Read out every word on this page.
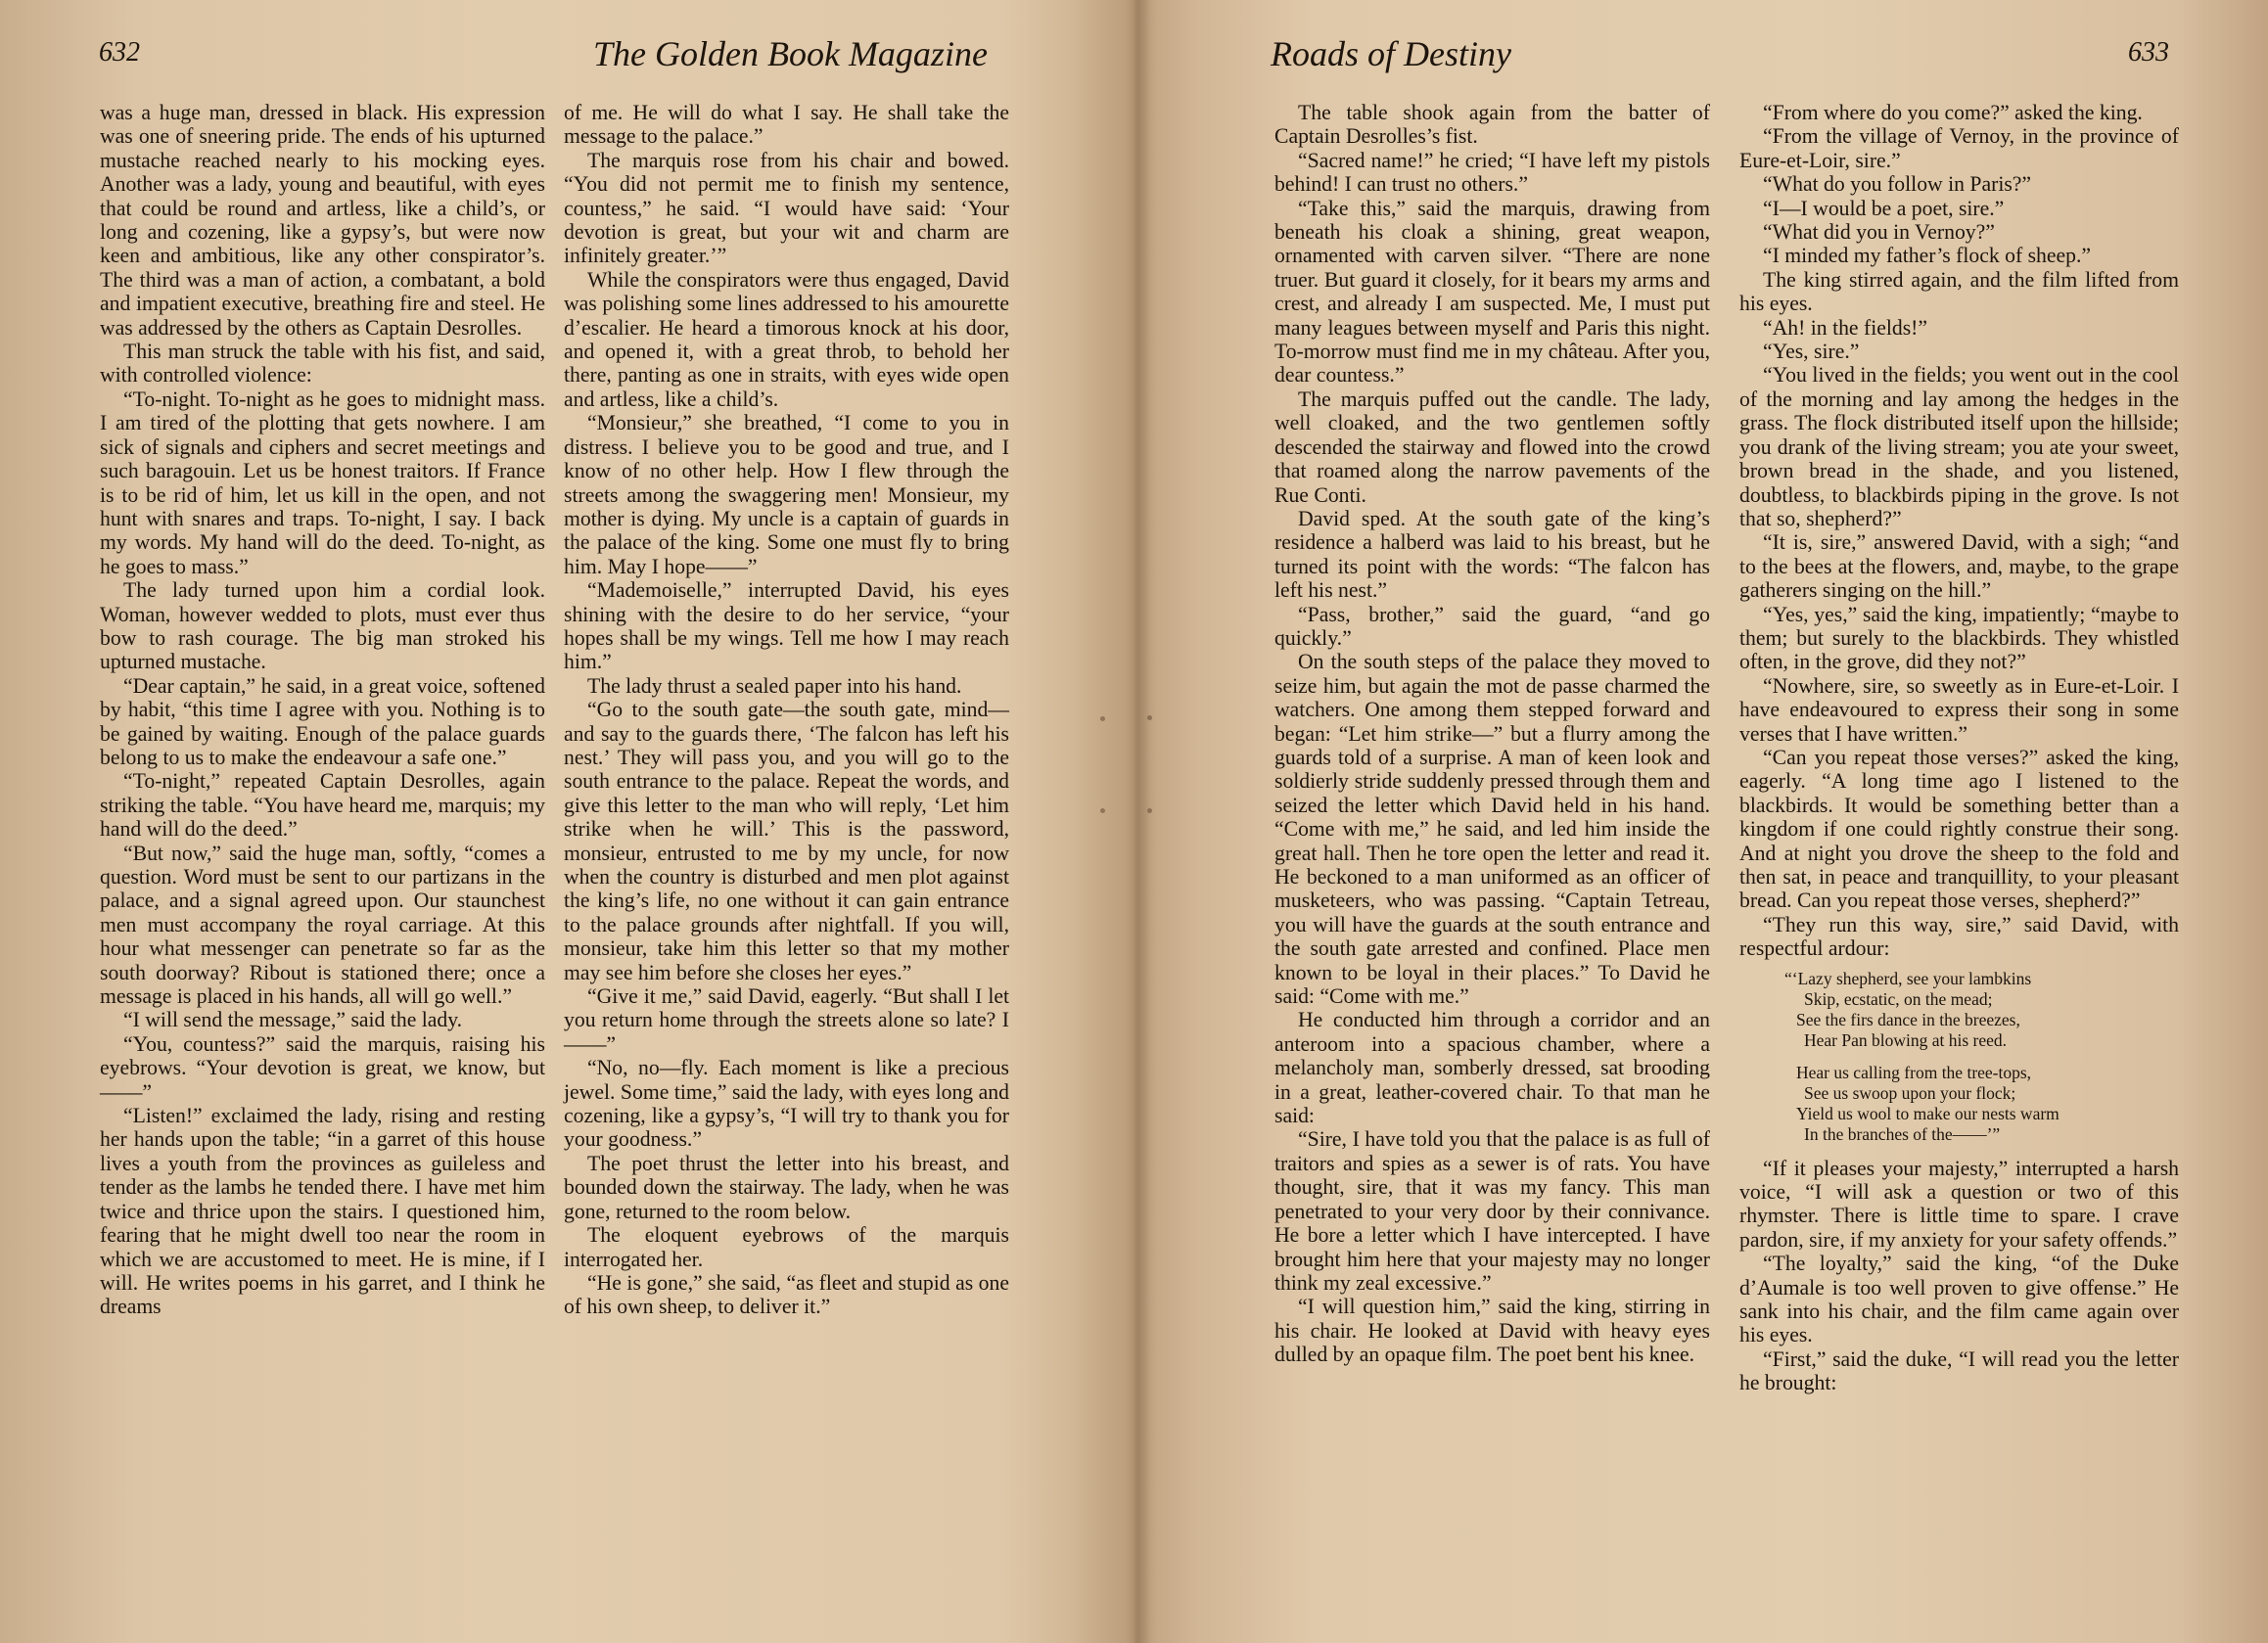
632	The Golden Book Magazine

was a huge man, dressed in black. His expression was one of sneering pride. The ends of his upturned mustache reached nearly to his mocking eyes. Another was a lady, young and beautiful, with eyes that could be round and artless, like a child’s, or long and cozening, like a gypsy’s, but were now keen and ambitious, like any other conspirator’s. The third was a man of action, a combatant, a bold and impatient executive, breathing fire and steel. He was addressed by the others as Captain Desrolles.

This man struck the table with his fist, and said, with controlled violence:

“To-night. To-night as he goes to midnight mass. I am tired of the plotting that gets nowhere. I am sick of signals and ciphers and secret meetings and such baragouin. Let us be honest traitors. If France is to be rid of him, let us kill in the open, and not hunt with snares and traps. To-night, I say. I back my words. My hand will do the deed. To-night, as he goes to mass.”

The lady turned upon him a cordial look. Woman, however wedded to plots, must ever thus bow to rash courage. The big man stroked his upturned mustache.

“Dear captain,” he said, in a great voice, softened by habit, “this time I agree with you. Nothing is to be gained by waiting. Enough of the palace guards belong to us to make the endeavour a safe one.”

“To-night,” repeated Captain Desrolles, again striking the table. “You have heard me, marquis; my hand will do the deed.”

“But now,” said the huge man, softly, “comes a question. Word must be sent to our partizans in the palace, and a signal agreed upon. Our staunchest men must accompany the royal carriage. At this hour what messenger can penetrate so far as the south doorway? Ribout is stationed there; once a message is placed in his hands, all will go well.”

“I will send the message,” said the lady.

“You, countess?” said the marquis, raising his eyebrows. “Your devotion is great, we know, but——”

“Listen!” exclaimed the lady, rising and resting her hands upon the table; “in a garret of this house lives a youth from the provinces as guileless and tender as the lambs he tended there. I have met him twice and thrice upon the stairs. I questioned him, fearing that he might dwell too near the room in which we are accustomed to meet. He is mine, if I will. He writes poems in his garret, and I think he dreams

of me. He will do what I say. He shall take the message to the palace.”

The marquis rose from his chair and bowed. “You did not permit me to finish my sentence, countess,” he said. “I would have said: ‘Your devotion is great, but your wit and charm are infinitely greater.’”

While the conspirators were thus engaged, David was polishing some lines addressed to his amourette d’escalier. He heard a timorous knock at his door, and opened it, with a great throb, to behold her there, panting as one in straits, with eyes wide open and artless, like a child’s.

“Monsieur,” she breathed, “I come to you in distress. I believe you to be good and true, and I know of no other help. How I flew through the streets among the swaggering men! Monsieur, my mother is dying. My uncle is a captain of guards in the palace of the king. Some one must fly to bring him. May I hope——”

“Mademoiselle,” interrupted David, his eyes shining with the desire to do her service, “your hopes shall be my wings. Tell me how I may reach him.”

The lady thrust a sealed paper into his hand.

“Go to the south gate—the south gate, mind—and say to the guards there, ‘The falcon has left his nest.’ They will pass you, and you will go to the south entrance to the palace. Repeat the words, and give this letter to the man who will reply, ‘Let him strike when he will.’ This is the password, monsieur, entrusted to me by my uncle, for now when the country is disturbed and men plot against the king’s life, no one without it can gain entrance to the palace grounds after nightfall. If you will, monsieur, take him this letter so that my mother may see him before she closes her eyes.”

“Give it me,” said David, eagerly. “But shall I let you return home through the streets alone so late? I——”

“No, no—fly. Each moment is like a precious jewel. Some time,” said the lady, with eyes long and cozening, like a gypsy’s, “I will try to thank you for your goodness.”

The poet thrust the letter into his breast, and bounded down the stairway. The lady, when he was gone, returned to the room below.

The eloquent eyebrows of the marquis interrogated her.

“He is gone,” she said, “as fleet and stupid as one of his own sheep, to deliver it.”

Roads of Destiny	633

The table shook again from the batter of Captain Desrolles’s fist.

“Sacred name!” he cried; “I have left my pistols behind! I can trust no others.”

“Take this,” said the marquis, drawing from beneath his cloak a shining, great weapon, ornamented with carven silver. “There are none truer. But guard it closely, for it bears my arms and crest, and already I am suspected. Me, I must put many leagues between myself and Paris this night. To-morrow must find me in my château. After you, dear countess.”

The marquis puffed out the candle. The lady, well cloaked, and the two gentlemen softly descended the stairway and flowed into the crowd that roamed along the narrow pavements of the Rue Conti.

David sped. At the south gate of the king’s residence a halberd was laid to his breast, but he turned its point with the words: “The falcon has left his nest.”

“Pass, brother,” said the guard, “and go quickly.”

On the south steps of the palace they moved to seize him, but again the mot de passe charmed the watchers. One among them stepped forward and began: “Let him strike—” but a flurry among the guards told of a surprise. A man of keen look and soldierly stride suddenly pressed through them and seized the letter which David held in his hand. “Come with me,” he said, and led him inside the great hall. Then he tore open the letter and read it. He beckoned to a man uniformed as an officer of musketeers, who was passing. “Captain Tetreau, you will have the guards at the south entrance and the south gate arrested and confined. Place men known to be loyal in their places.” To David he said: “Come with me.”

He conducted him through a corridor and an anteroom into a spacious chamber, where a melancholy man, somberly dressed, sat brooding in a great, leather-covered chair. To that man he said:

“Sire, I have told you that the palace is as full of traitors and spies as a sewer is of rats. You have thought, sire, that it was my fancy. This man penetrated to your very door by their connivance. He bore a letter which I have intercepted. I have brought him here that your majesty may no longer think my zeal excessive.”

“I will question him,” said the king, stirring in his chair. He looked at David with heavy eyes dulled by an opaque film. The poet bent his knee.

“From where do you come?” asked the king.

“From the village of Vernoy, in the province of Eure-et-Loir, sire.”

“What do you follow in Paris?”

“I—I would be a poet, sire.”

“What did you in Vernoy?”

“I minded my father’s flock of sheep.”

The king stirred again, and the film lifted from his eyes.

“Ah! in the fields!”

“Yes, sire.”

“You lived in the fields; you went out in the cool of the morning and lay among the hedges in the grass. The flock distributed itself upon the hillside; you drank of the living stream; you ate your sweet, brown bread in the shade, and you listened, doubtless, to blackbirds piping in the grove. Is not that so, shepherd?”

“It is, sire,” answered David, with a sigh; “and to the bees at the flowers, and, maybe, to the grape gatherers singing on the hill.”

“Yes, yes,” said the king, impatiently; “maybe to them; but surely to the blackbirds. They whistled often, in the grove, did they not?”

“Nowhere, sire, so sweetly as in Eure-et-Loir. I have endeavoured to express their song in some verses that I have written.”

“Can you repeat those verses?” asked the king, eagerly. “A long time ago I listened to the blackbirds. It would be something better than a kingdom if one could rightly construe their song. And at night you drove the sheep to the fold and then sat, in peace and tranquillity, to your pleasant bread. Can you repeat those verses, shepherd?”

“They run this way, sire,” said David, with respectful ardour:

“‘Lazy shepherd, see your lambkins
Skip, ecstatic, on the mead;
See the firs dance in the breezes,
Hear Pan blowing at his reed.
Hear us calling from the tree-tops,
See us swoop upon your flock;
Yield us wool to make our nests warm
In the branches of the——’”

“If it pleases your majesty,” interrupted a harsh voice, “I will ask a question or two of this rhymster. There is little time to spare. I crave pardon, sire, if my anxiety for your safety offends.”

“The loyalty,” said the king, “of the Duke d’Aumale is too well proven to give offense.” He sank into his chair, and the film came again over his eyes.

“First,” said the duke, “I will read you the letter he brought:
